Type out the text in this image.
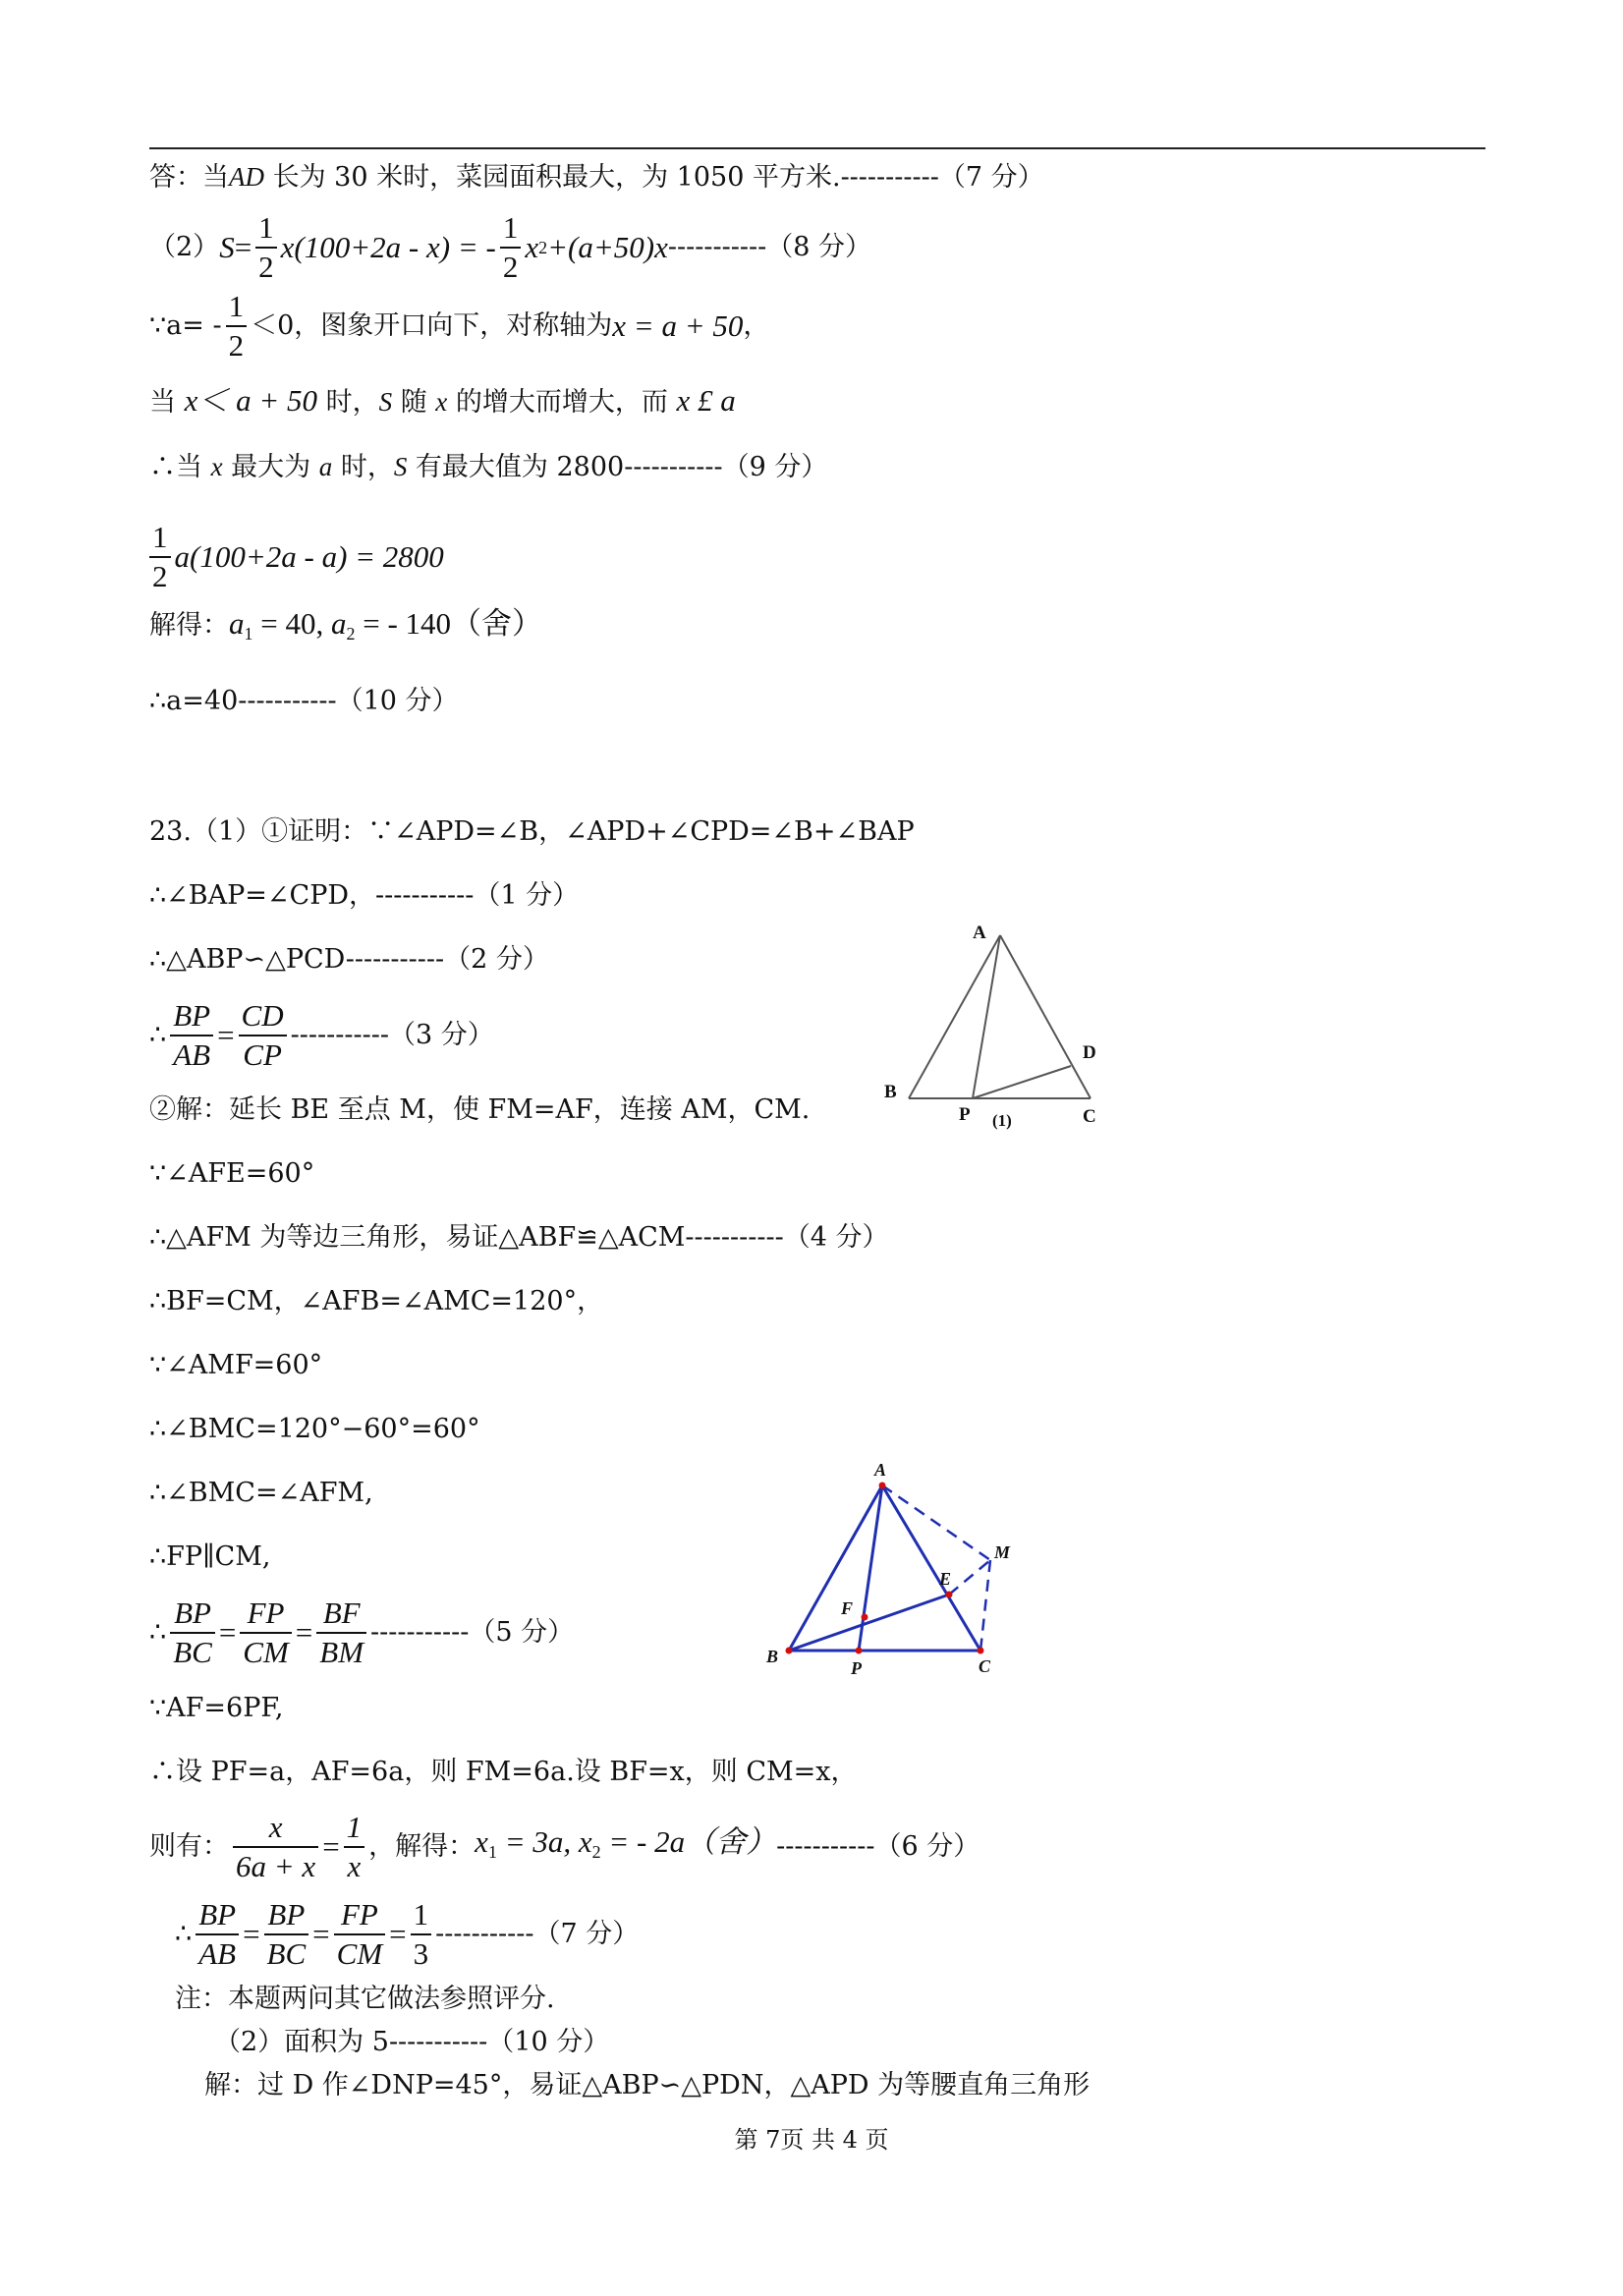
答：当AD 长为 30 米时，菜园面积最大，为 1050 平方米.-----------（7 分）
（2） $S = \frac{1}{2} x(100+2a - x)$ = - $\frac{1}{2}$ x 2 +(a+50)x -----------（8 分）
∵a= - $\frac{1}{2} <0$，图象开口向下，对称轴为 x = a + 50 ，
当 x＜ a + 50 时，S 随 x 的增大而增大，而 x £ a
∴当 x 最大为 a 时，S 有最大值为 2800-----------（9 分）
$\frac{1}{2} a(100+2a - a) = 2800$
解得：$a_1 = 40$, $a_2$ = - 140（舍）
∴a=40-----------（10 分）
23.（1）①证明：∵∠APD=∠B，∠APD+∠CPD=∠B+∠BAP
∴∠BAP=∠CPD，-----------（1 分）
∴△ABP∽△PCD-----------（2 分）
∴ $\frac{BP}{AB} = \frac{CD}{CP} -----------(3$ 分）
②解：延长 BE 至点 M，使 FM=AF，连接 AM，CM.
∵∠AFE=60°
∴△AFM 为等边三角形，易证△ABF≌△ACM-----------（4 分）
∴BF=CM，∠AFB=∠AMC=120°，
∵∠AMF=60°
∴∠BMC=120°−60°=60°
∴∠BMC=∠AFM,
∴FP∥CM,
∴ $\frac{BP}{BC} = \frac{FP}{CM} = \frac{BF}{BM} -----------(5$ 分）
∵AF=6PF,
∴设 PF=a，AF=6a，则 FM=6a.设 BF=x，则 CM=x，
则有： $\frac{x}{6a + x} = \frac{1}{x}$ ，解得： $x_1 = 3a$, $x_2$ = - 2a（舍） -----------（6 分）
∴ $\frac{BP}{AB} = \frac{BP}{BC} = \frac{FP}{CM} = \frac{1}{3} -----------(7$ 分）
注：本题两问其它做法参照评分.
（2）面积为 5-----------（10 分）
解：过 D 作∠DNP=45°，易证△ABP∽△PDN，△APD 为等腰直角三角形
第 7页 共 4 页
A
B
C
D
P (1)
A
B	C
E
F
M
P
